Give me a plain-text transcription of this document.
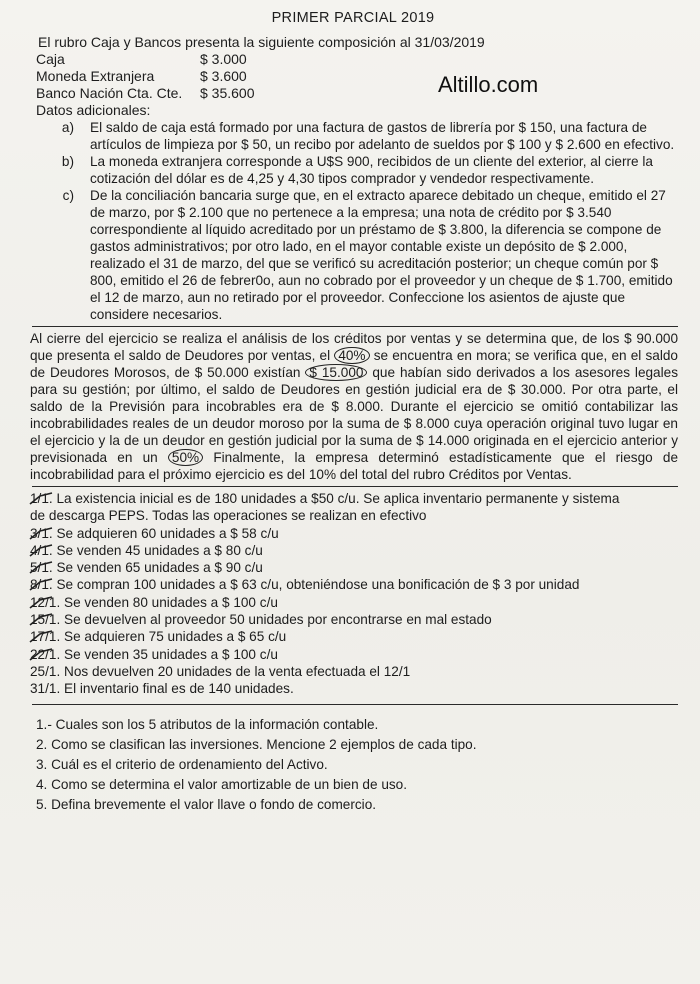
PRIMER PARCIAL 2019
Altillo.com
El rubro Caja y Bancos presenta la siguiente composición al 31/03/2019
Caja	$ 3.000
Moneda Extranjera	$ 3.600
Banco Nación Cta. Cte.	$ 35.600
Datos adicionales:
a)	El saldo de caja está formado por una factura de gastos de librería por $ 150, una factura de artículos de limpieza por $ 50, un recibo por adelanto de sueldos por $ 100 y $ 2.600 en efectivo.
b)	La moneda extranjera corresponde a U$S 900, recibidos de un cliente del exterior, al cierre la cotización del dólar es de 4,25 y 4,30 tipos comprador y vendedor respectivamente.
c)	De la conciliación bancaria surge que, en el extracto aparece debitado un cheque, emitido el 27 de marzo, por $ 2.100 que no pertenece a la empresa; una nota de crédito por $ 3.540 correspondiente al líquido acreditado por un préstamo de $ 3.800, la diferencia se compone de gastos administrativos; por otro lado, en el mayor contable existe un depósito de $ 2.000, realizado el 31 de marzo, del que se verificó su acreditación posterior; un cheque común por $ 800, emitido el 26 de febrer0o, aun no cobrado por el proveedor y un cheque de $ 1.700, emitido el 12 de marzo, aun no retirado por el proveedor. Confeccione los asientos de ajuste que considere necesarios.
Al cierre del ejercicio se realiza el análisis de los créditos por ventas y se determina que, de los $ 90.000 que presenta el saldo de Deudores por ventas, el 40% se encuentra en mora; se verifica que, en el saldo de Deudores Morosos, de $ 50.000 existían $ 15.000 que habían sido derivados a los asesores legales para su gestión; por último, el saldo de Deudores en gestión judicial era de $ 30.000. Por otra parte, el saldo de la Previsión para incobrables era de $ 8.000. Durante el ejercicio se omitió contabilizar las incobrabilidades reales de un deudor moroso por la suma de $ 8.000 cuya operación original tuvo lugar en el ejercicio y la de un deudor en gestión judicial por la suma de $ 14.000 originada en el ejercicio anterior y previsionada en un 50% Finalmente, la empresa determinó estadísticamente que el riesgo de incobrabilidad para el próximo ejercicio es del 10% del total del rubro Créditos por Ventas.
1/1. La existencia inicial es de 180 unidades a $50 c/u. Se aplica inventario permanente y sistema
de descarga PEPS. Todas las operaciones se realizan en efectivo
3/1. Se adquieren 60 unidades a $ 58 c/u
4/1. Se venden 45 unidades a $ 80 c/u
5/1. Se venden 65 unidades a $ 90 c/u
8/1. Se compran 100 unidades a $ 63 c/u, obteniéndose una bonificación de $ 3 por unidad
12/1. Se venden 80 unidades a $ 100 c/u
15/1. Se devuelven al proveedor 50 unidades por encontrarse en mal estado
17/1. Se adquieren 75 unidades a $ 65 c/u
22/1. Se venden 35 unidades a $ 100 c/u
25/1. Nos devuelven 20 unidades de la venta efectuada el 12/1
31/1. El inventario final es de 140 unidades.
1.- Cuales son los 5 atributos de la información contable.
2. Como se clasifican las inversiones. Mencione 2 ejemplos de cada tipo.
3. Cuál es el criterio de ordenamiento del Activo.
4. Como se determina el valor amortizable de un bien de uso.
5. Defina brevemente el valor llave o fondo de comercio.
